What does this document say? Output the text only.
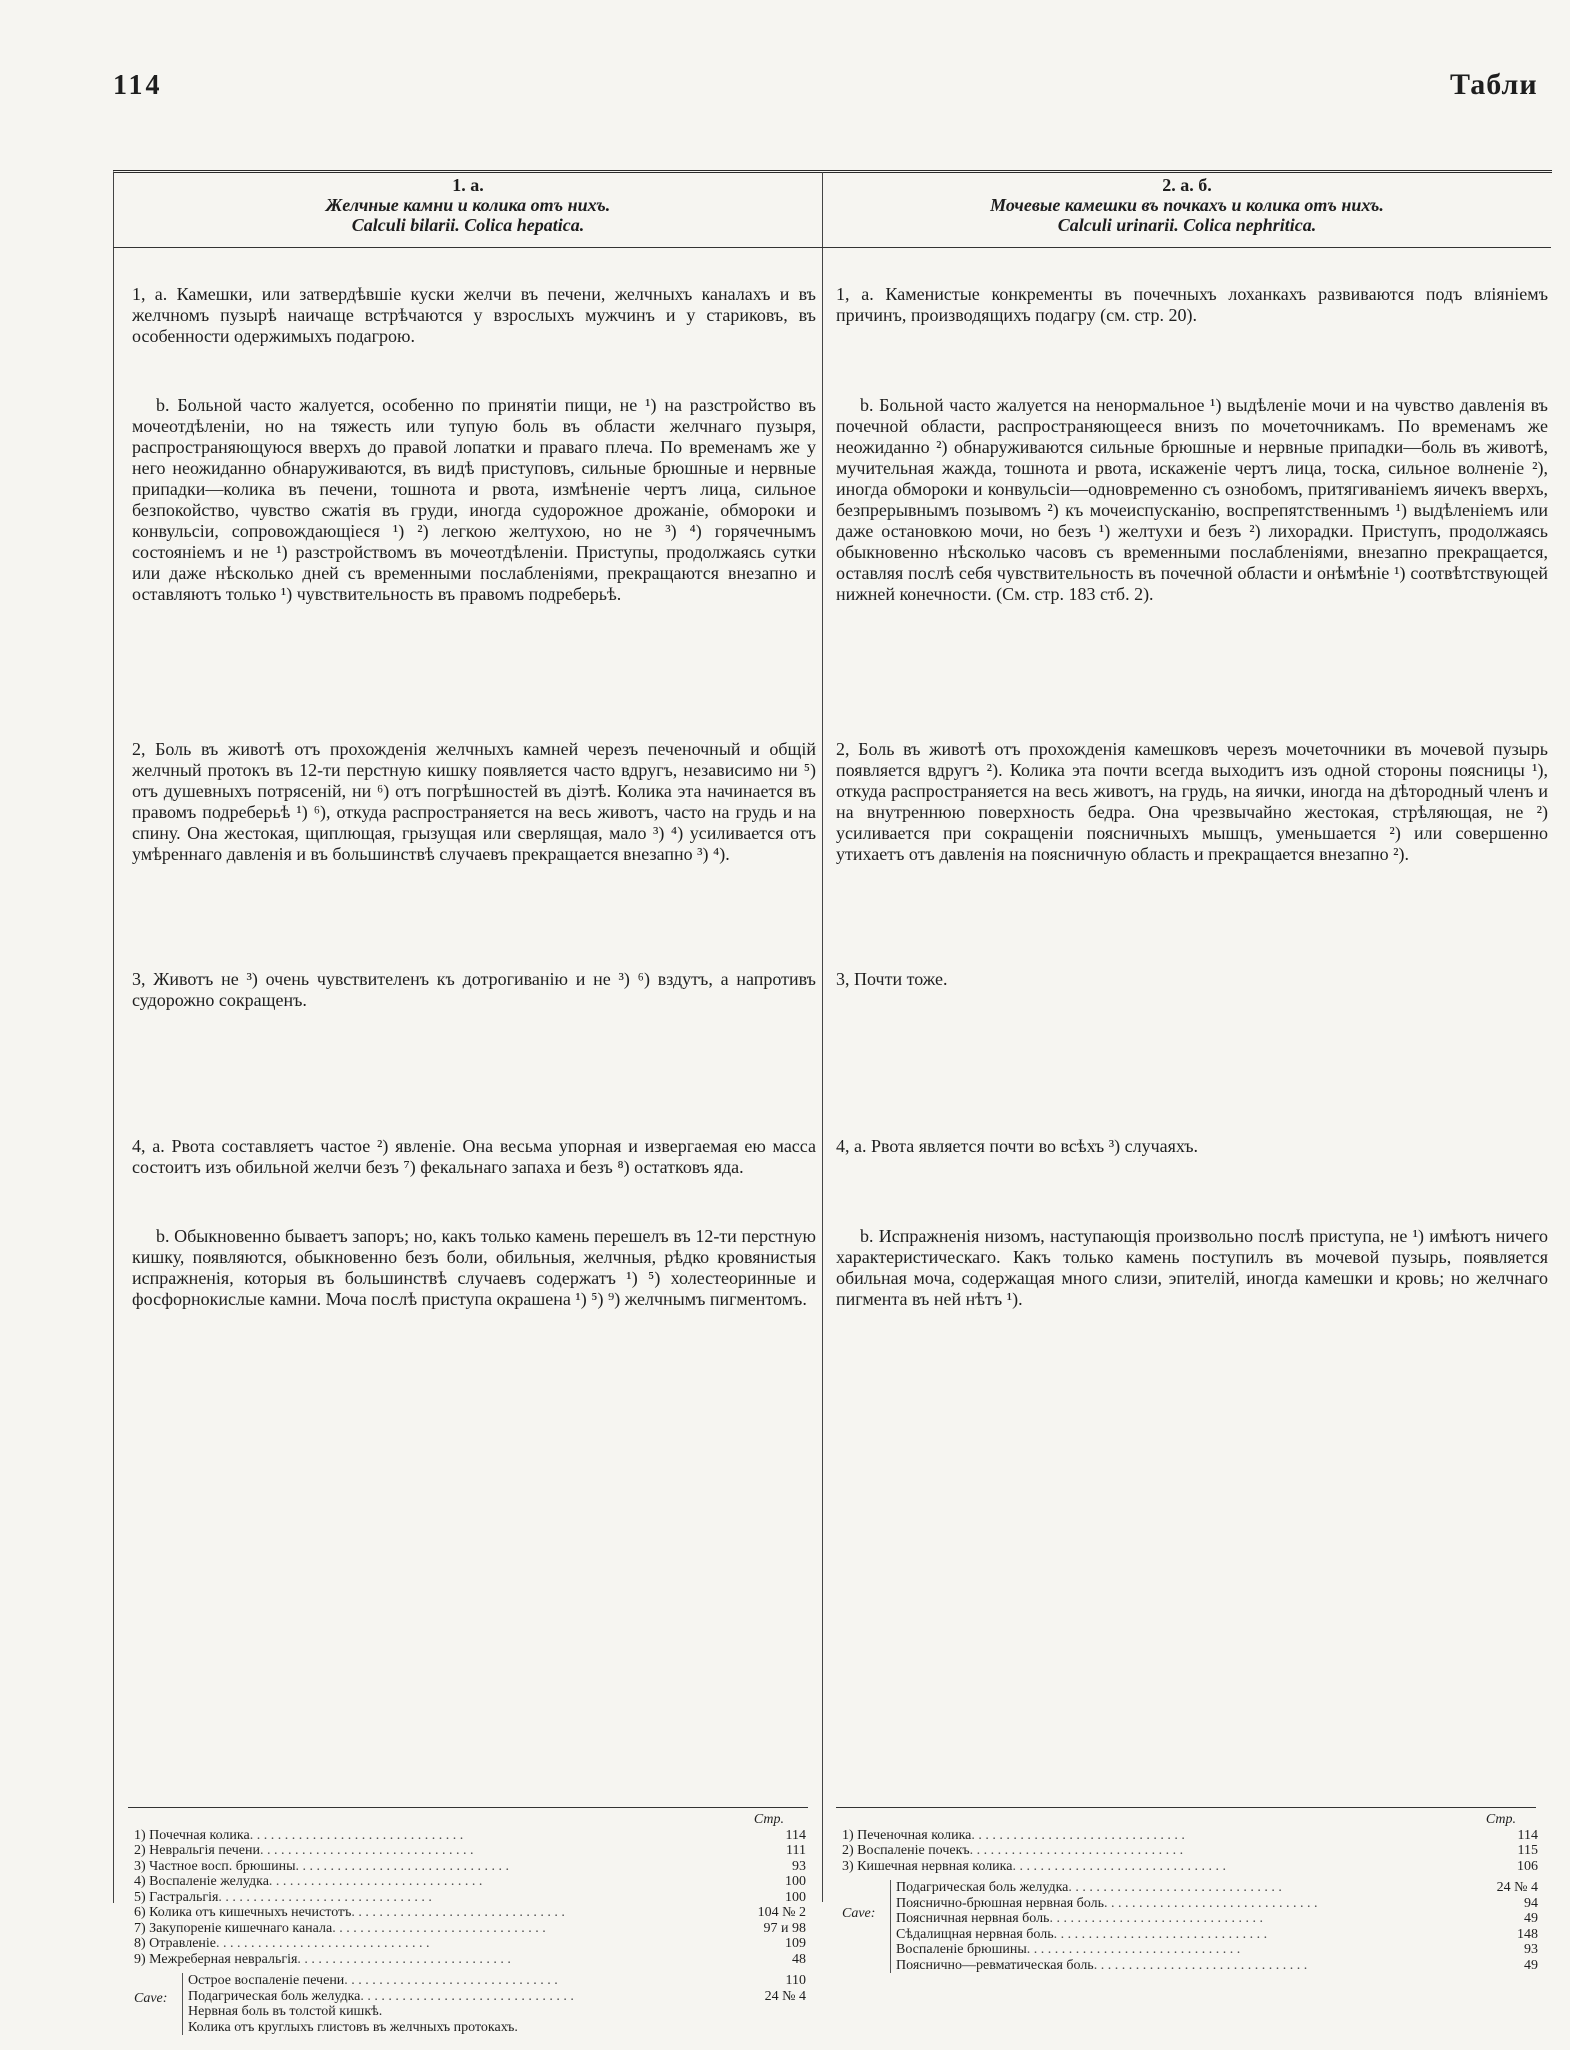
114	Табли
1. а.
Желчные камни и колика отъ нихъ.
Calculi bilarii. Colica hepatica.
2. а. б.
Мочевые камешки въ почкахъ и колика отъ нихъ.
Calculi urinarii. Colica nephritica.

1, а. Камешки, или затвердѣвшіе куски желчи въ печени, желчныхъ каналахъ и въ желчномъ пузырѣ наичаще встрѣчаются у взрослыхъ мужчинъ и у стариковъ, въ особенности одержимыхъ подагрою.

b. Больной часто жалуется, особенно по принятіи пищи, не ¹) на разстройство въ мочеотдѣленіи, но на тяжесть или тупую боль въ области желчнаго пузыря, распространяющуюся вверхъ до правой лопатки и праваго плеча. По временамъ же у него неожиданно обнаруживаются, въ видѣ приступовъ, сильные брюшные и нервные припадки—колика въ печени, тошнота и рвота, измѣненіе чертъ лица, сильное безпокойство, чувство сжатія въ груди, иногда судорожное дрожаніе, обмороки и конвульсіи, сопровождающіеся ¹) ²) легкою желтухою, но не ³) ⁴) горячечнымъ состояніемъ и не ¹) разстройствомъ въ мочеотдѣленіи. Приступы, продолжаясь сутки или даже нѣсколько дней съ временными послабленіями, прекращаются внезапно и оставляютъ только ¹) чувствительность въ правомъ подреберьѣ.

2, Боль въ животѣ отъ прохожденія желчныхъ камней черезъ печеночный и общій желчный протокъ въ 12-ти перстную кишку появляется часто вдругъ, независимо ни ⁵) отъ душевныхъ потрясеній, ни ⁶) отъ погрѣшностей въ діэтѣ. Колика эта начинается въ правомъ подреберьѣ ¹) ⁶), откуда распространяется на весь животъ, часто на грудь и на спину. Она жестокая, щиплющая, грызущая или сверлящая, мало ³) ⁴) усиливается отъ умѣреннаго давленія и въ большинствѣ случаевъ прекращается внезапно ³) ⁴).

3, Животъ не ³) очень чувствителенъ къ дотрогиванію и не ³) ⁶) вздутъ, а напротивъ судорожно сокращенъ.

4, а. Рвота составляетъ частое ²) явленіе. Она весьма упорная и извергаемая ею масса состоитъ изъ обильной желчи безъ ⁷) фекальнаго запаха и безъ ⁸) остатковъ яда.

b. Обыкновенно бываетъ запоръ; но, какъ только камень перешелъ въ 12-ти перстную кишку, появляются, обыкновенно безъ боли, обильныя, желчныя, рѣдко кровянистыя испражненія, которыя въ большинствѣ случаевъ содержатъ ¹) ⁵) холестеоринные и фосфорнокислые камни. Моча послѣ приступа окрашена ¹) ⁵) ⁹) желчнымъ пигментомъ.

1, а. Каменистые конкременты въ почечныхъ лоханкахъ развиваются подъ вліяніемъ причинъ, производящихъ подагру (см. стр. 20).

b. Больной часто жалуется на ненормальное ¹) выдѣленіе мочи и на чувство давленія въ почечной области, распространяющееся внизъ по мочеточникамъ. По временамъ же неожиданно ²) обнаруживаются сильные брюшные и нервные припадки—боль въ животѣ, мучительная жажда, тошнота и рвота, искаженіе чертъ лица, тоска, сильное волненіе ²), иногда обмороки и конвульсіи—одновременно съ ознобомъ, притягиваніемъ яичекъ вверхъ, безпрерывнымъ позывомъ ²) къ мочеиспусканію, воспрепятственнымъ ¹) выдѣленіемъ или даже остановкою мочи, но безъ ¹) желтухи и безъ ²) лихорадки. Приступъ, продолжаясь обыкновенно нѣсколько часовъ съ временными послабленіями, внезапно прекращается, оставляя послѣ себя чувствительность въ почечной области и онѣмѣніе ¹) соотвѣтствующей нижней конечности. (См. стр. 183 стб. 2).

2, Боль въ животѣ отъ прохожденія камешковъ черезъ мочеточники въ мочевой пузырь появляется вдругъ ²). Колика эта почти всегда выходитъ изъ одной стороны поясницы ¹), откуда распространяется на весь животъ, на грудь, на яички, иногда на дѣтородный членъ и на внутреннюю поверхность бедра. Она чрезвычайно жестокая, стрѣляющая, не ²) усиливается при сокращеніи поясничныхъ мышцъ, уменьшается ²) или совершенно утихаетъ отъ давленія на поясничную область и прекращается внезапно ²).

3, Почти тоже.

4, а. Рвота является почти во всѣхъ ³) случаяхъ.

b. Испражненія низомъ, наступающія произвольно послѣ приступа, не ¹) имѣютъ ничего характеристическаго. Какъ только камень поступилъ въ мочевой пузырь, появляется обильная моча, содержащая много слизи, эпителій, иногда камешки и кровь; но желчнаго пигмента въ ней нѣтъ ¹).

Стр.
1) Почечная колика . .	114
2) Невральгія печени . .	111
3) Частное восп. брюшины . .	93
4) Воспаленіе желудка . .	100
5) Гастральгія . .	100
6) Колика отъ кишечныхъ нечистотъ . .	104 № 2
7) Закупореніе кишечнаго канала . .	97 и 98
8) Отравленіе . .	109
9) Межреберная невральгія . .	48
Cave:
Острое воспаленіе печени . .	110
Подагрическая боль желудка . .	24 № 4
Нервная боль въ толстой кишкѣ.
Колика отъ круглыхъ глистовъ въ желчныхъ протокахъ.
Стр.
1) Печеночная колика . .	114
2) Воспаленіе почекъ . .	115
3) Кишечная нервная колика . .	106
Cave:
Подагрическая боль желудка . .	24 № 4
Пояснично-брюшная нервная боль . .	94
Поясничная нервная боль . .	49
Сѣдалищная нервная боль . .	148
Воспаленіе брюшины . .	93
Пояснично—ревматическая боль . .	49
